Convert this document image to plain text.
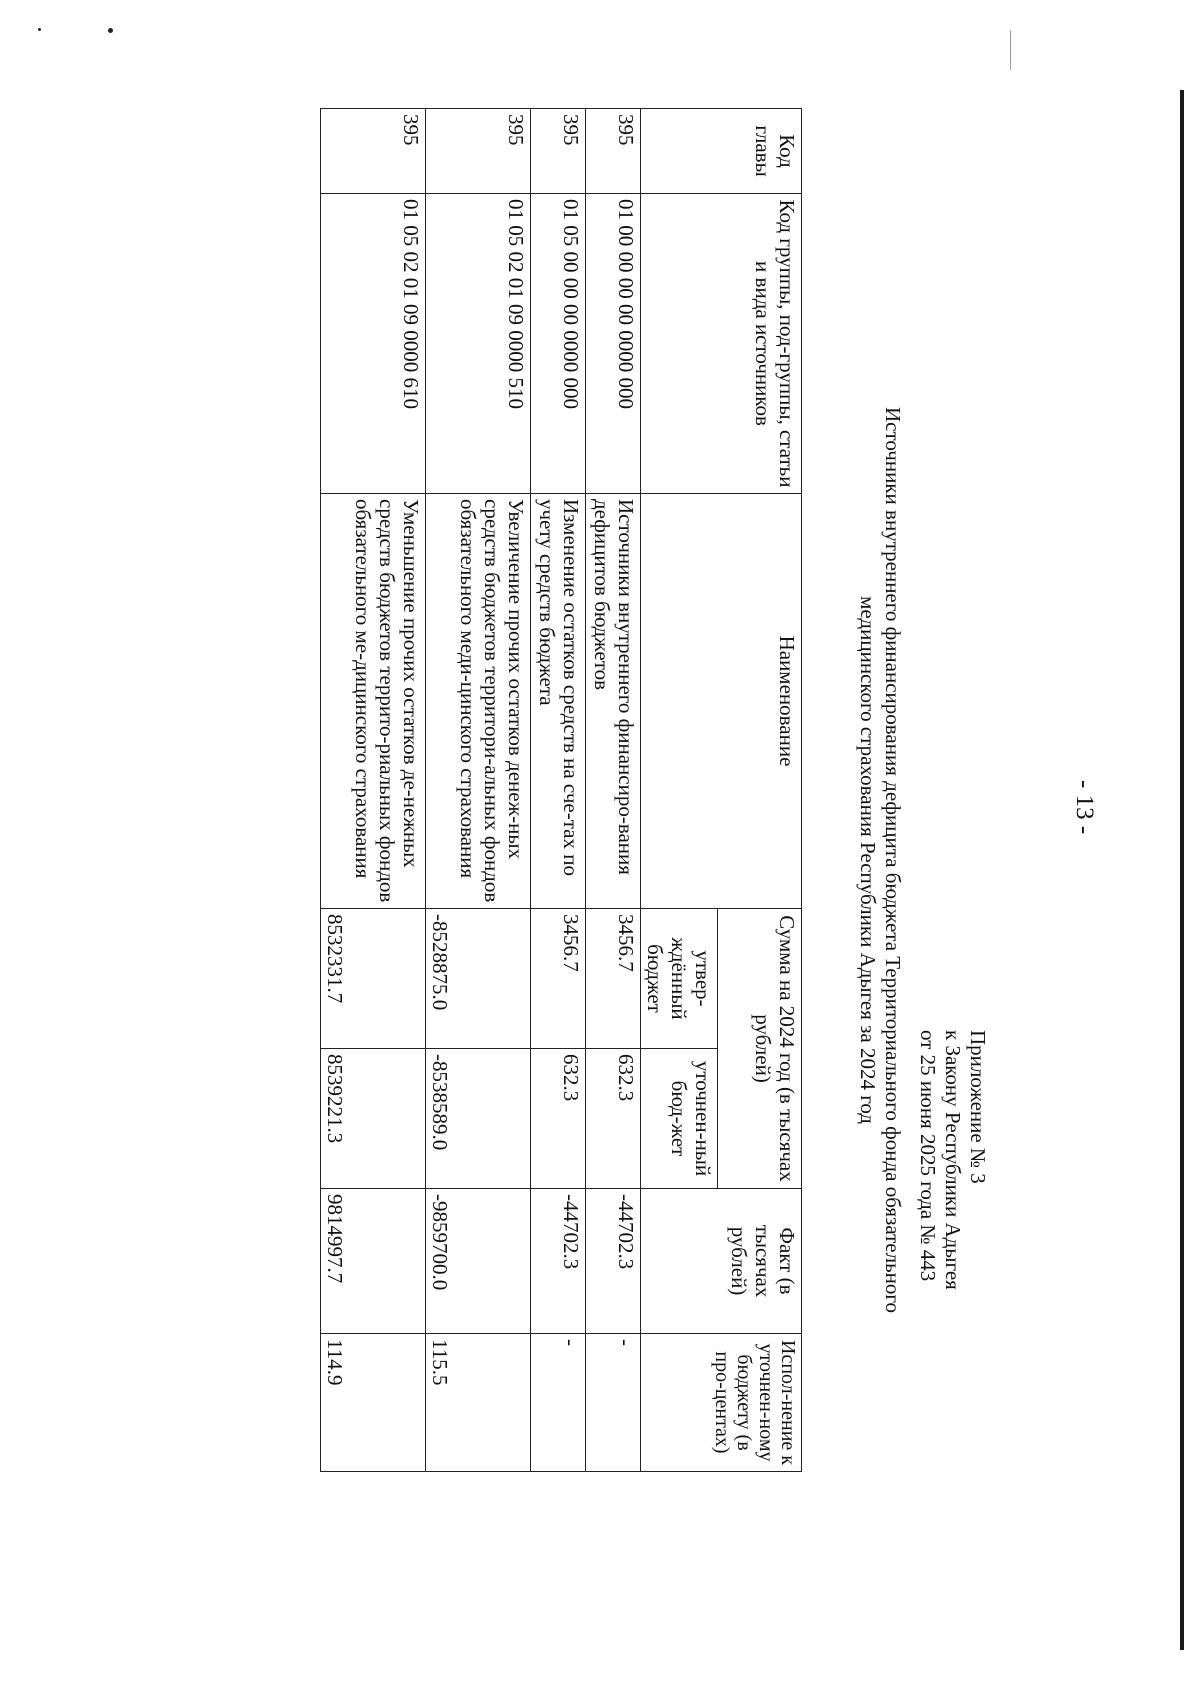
- 13 -
Приложение № 3
к Закону Республики Адыгея
от 25 июня 2025 года № 443
Источники внутреннего финансирования дефицита бюджета Территориального фонда обязательного
медицинского страхования Республики Адыгея за 2024 год
Код главы	Код группы, под-группы, статьи и вида источников	Наименование	Сумма на 2024 год (в тысячах рублей)		Факт (в тысячах рублей)	Испол-нение к уточнен-ному бюджету (в про-центах)
			утвер-ждённый бюджет	уточнен-ный бюд-жет		
395	01 00 00 00 00 0000 000	Источники внутреннего финансиро-вания дефицитов бюджетов	3456.7	632.3	-44702.3	-
395	01 05 00 00 00 0000 000	Изменение остатков средств на сче-тах по учету средств бюджета	3456.7	632.3	-44702.3	-
395	01 05 02 01 09 0000 510	Увеличение прочих остатков денеж-ных средств бюджетов территори-альных фондов обязательного меди-цинского страхования	-8528875.0	-8538589.0	-9859700.0	115.5
395	01 05 02 01 09 0000 610	Уменьшение прочих остатков де-нежных средств бюджетов террито-риальных фондов обязательного ме-дицинского страхования	8532331.7	8539221.3	9814997.7	114.9
